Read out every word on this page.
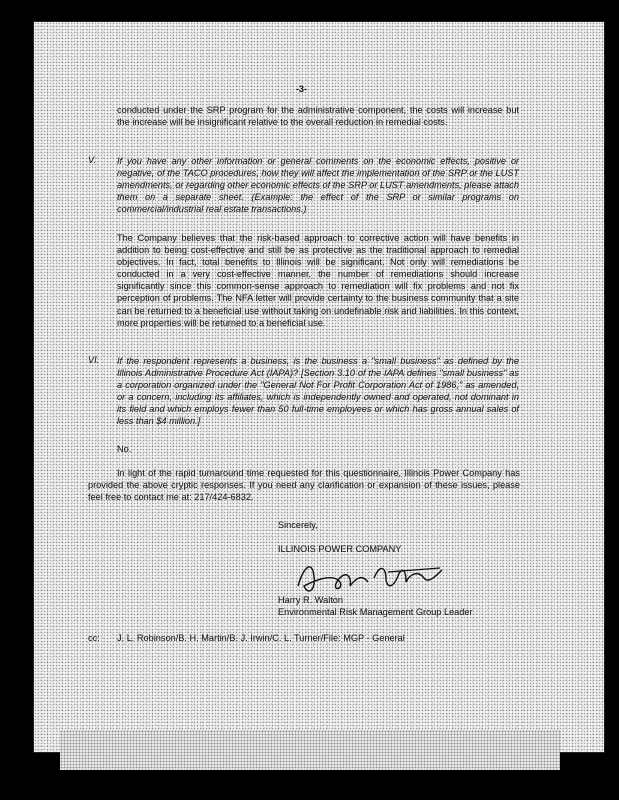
-3-

conducted under the SRP program for the administrative component, the costs will increase but the increase will be insignificant relative to the overall reduction in remedial costs.

V. If you have any other information or general comments on the economic effects, positive or negative, of the TACO procedures, how they will affect the implementation of the SRP or the LUST amendments, or regarding other economic effects of the SRP or LUST amendments, please attach them on a separate sheet. (Example: the effect of the SRP or similar programs on commercial/industrial real estate transactions.)

The Company believes that the risk-based approach to corrective action will have benefits in addition to being cost-effective and still be as protective as the traditional approach to remedial objectives. In fact, total benefits to Illinois will be significant. Not only will remediations be conducted in a very cost-effective manner, the number of remediations should increase significantly since this common-sense approach to remediation will fix problems and not fix perception of problems. The NFA letter will provide certainty to the business community that a site can be returned to a beneficial use without taking on undefinable risk and liabilities. In this context, more properties will be returned to a beneficial use.

VI. If the respondent represents a business, is the business a "small business" as defined by the Illinois Administrative Procedure Act (IAPA)? [Section 3.10 of the IAPA defines "small business" as a corporation organized under the "General Not For Profit Corporation Act of 1986," as amended, or a concern, including its affiliates, which is independently owned and operated, not dominant in its field and which employs fewer than 50 full-time employees or which has gross annual sales of less than $4 million.]

No.

In light of the rapid turnaround time requested for this questionnaire, Illinois Power Company has provided the above cryptic responses. If you need any clarification or expansion of these issues, please feel free to contact me at: 217/424-6832.

Sincerely,
ILLINOIS POWER COMPANY
Harry R. Walton
Environmental Risk Management Group Leader
cc: J. L. Robinson/B. H. Martin/B. J. Irwin/C. L. Turner/File: MGP - General
